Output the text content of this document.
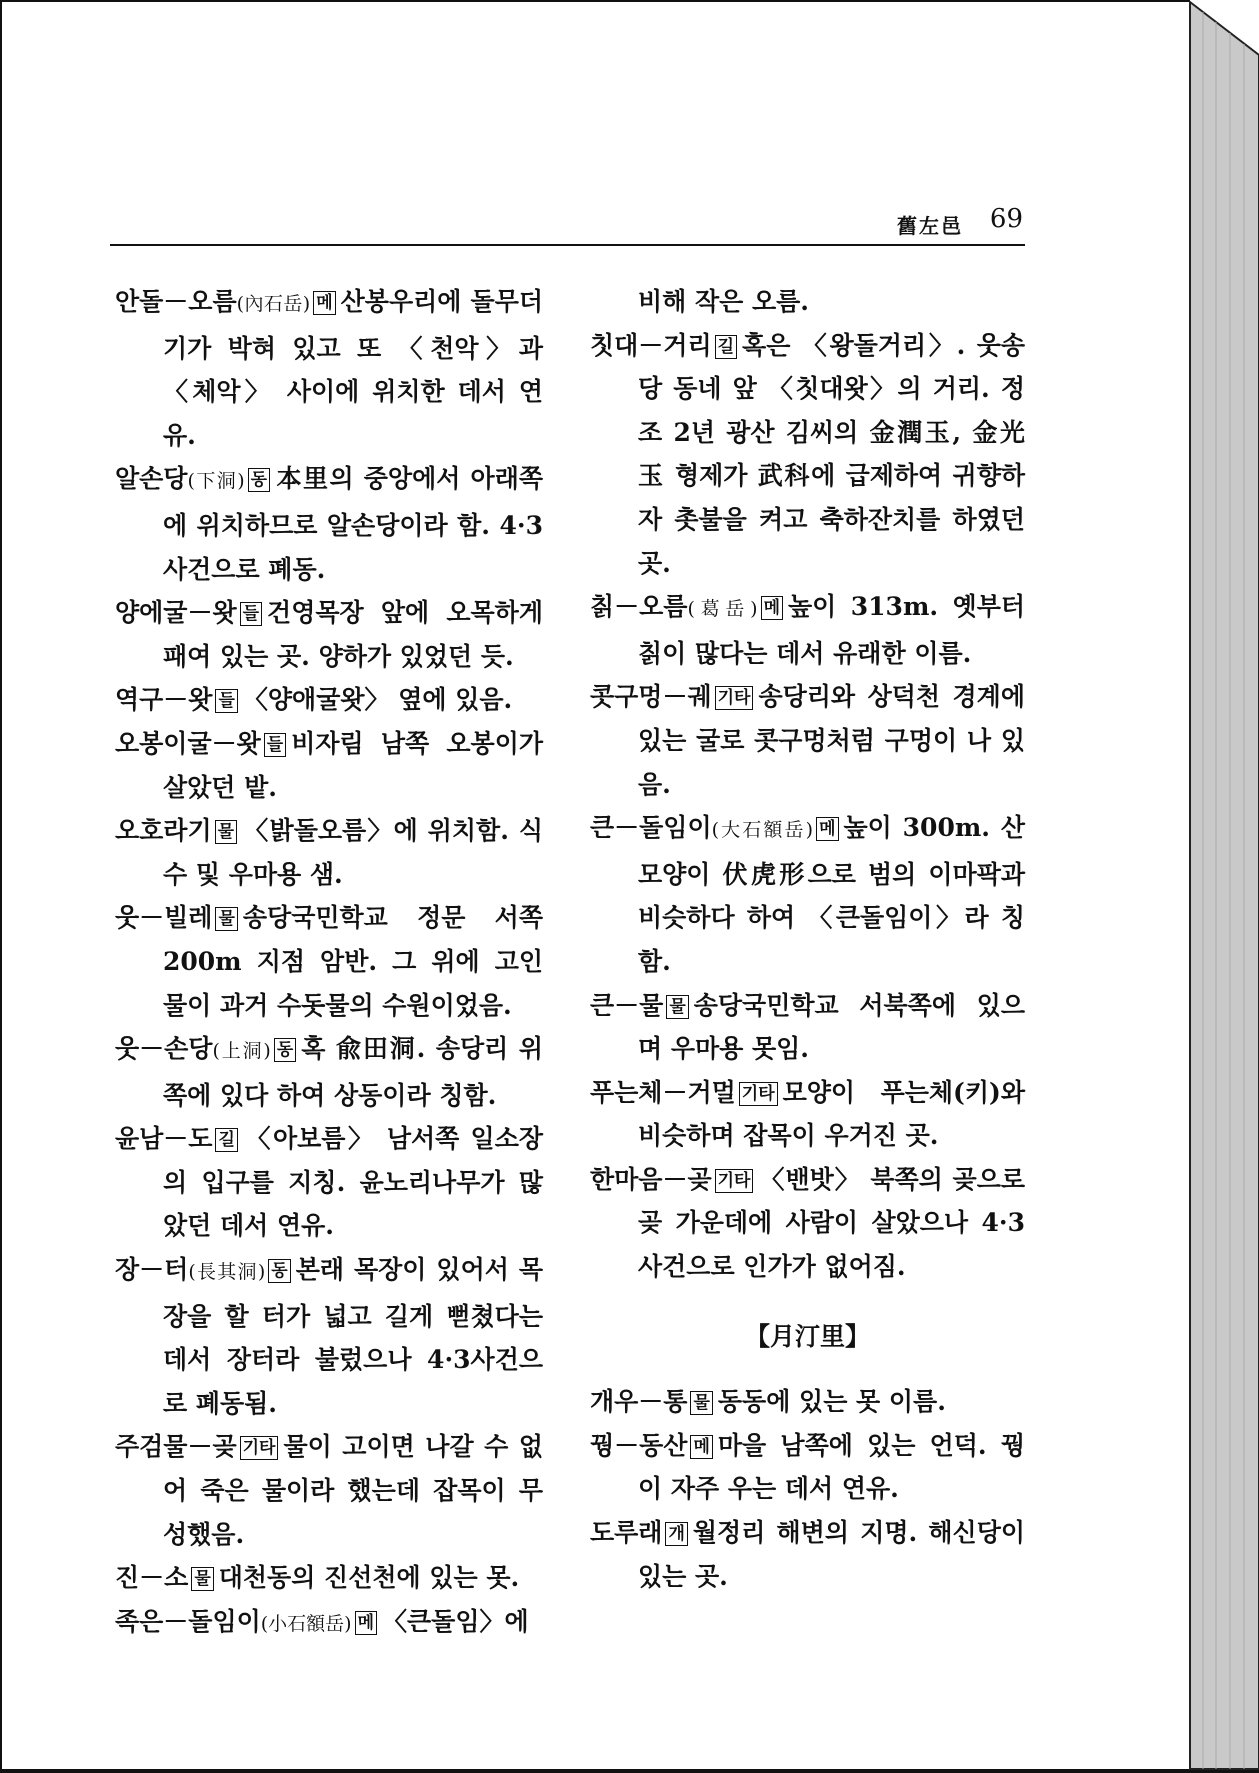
舊左邑 69
안돌－오름(內石岳) 메 산봉우리에 돌무더기가 박혀 있고 또 〈천악〉과 〈체악〉 사이에 위치한 데서 연유.
알손당(下洞) 동 本里의 중앙에서 아래쪽에 위치하므로 알손당이라 함. 4·3사건으로 폐동.
양에굴－왓 들 건영목장 앞에 오목하게 패여 있는 곳. 양하가 있었던 듯.
역구－왓 들 〈양애굴왓〉 옆에 있음.
오봉이굴－왓 들 비자림 남쪽 오봉이가 살았던 밭.
오호라기 물 〈밝돌오름〉에 위치함. 식수 및 우마용 샘.
웃－빌레 물 송당국민학교 정문 서쪽 200m 지점 암반. 그 위에 고인 물이 과거 수돗물의 수원이었음.
웃－손당(上洞) 동 혹 兪田洞. 송당리 위쪽에 있다 하여 상동이라 칭함.
윤남－도 길 〈아보름〉 남서쪽 일소장의 입구를 지칭. 윤노리나무가 많았던 데서 연유.
장－터(長其洞) 동 본래 목장이 있어서 목장을 할 터가 넓고 길게 뻗쳤다는 데서 장터라 불렀으나 4·3사건으로 폐동됨.
주검물－곶 기타 물이 고이면 나갈 수 없어 죽은 물이라 했는데 잡목이 무성했음.
진－소 물 대천동의 진선천에 있는 못.
족은－돌임이(小石額岳) 메 〈큰돌임〉에
비해 작은 오름.
칫대－거리 길 혹은 〈왕돌거리〉. 웃송당 동네 앞 〈칫대왓〉의 거리. 정조 2년 광산 김씨의 金潤玉, 金光玉 형제가 武科에 급제하여 귀향하자 촛불을 켜고 축하잔치를 하였던 곳.
칡－오름(葛岳) 메 높이 313m. 옛부터 칡이 많다는 데서 유래한 이름.
콧구멍－궤 기타 송당리와 상덕천 경계에 있는 굴로 콧구멍처럼 구멍이 나 있음.
큰－돌임이(大石額岳) 메 높이 300m. 산 모양이 伏虎形으로 범의 이마팍과 비슷하다 하여 〈큰돌임이〉라 칭함.
큰－물 물 송당국민학교 서북쪽에 있으며 우마용 못임.
푸는체－거멀 기타 모양이 푸는체(키)와 비슷하며 잡목이 우거진 곳.
한마음－곶 기타 〈밴밧〉 북쪽의 곶으로 곶 가운데에 사람이 살았으나 4·3사건으로 인가가 없어짐.
【月汀里】
개우－통 물 동동에 있는 못 이름.
꿩－동산 메 마을 남쪽에 있는 언덕. 꿩이 자주 우는 데서 연유.
도루래 개 월정리 해변의 지명. 해신당이 있는 곳.
